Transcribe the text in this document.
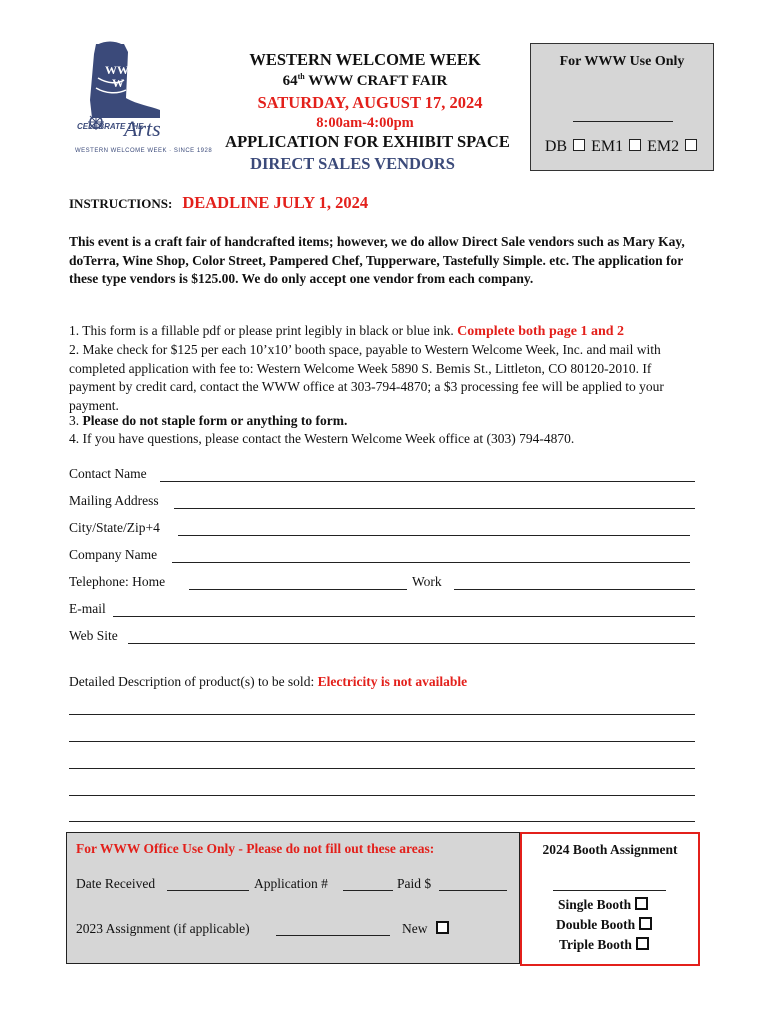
WW
W
CELEBRATE THE
Arts
WESTERN WELCOME WEEK · SINCE 1928
WESTERN WELCOME WEEK
64th WWW CRAFT FAIR
SATURDAY, AUGUST 17, 2024
8:00am-4:00pm
APPLICATION FOR EXHIBIT SPACE
DIRECT SALES VENDORS
For WWW Use Only
DB EM1 EM2
INSTRUCTIONS: DEADLINE JULY 1, 2024
This event is a craft fair of handcrafted items; however, we do allow Direct Sale vendors such as Mary Kay, doTerra, Wine Shop, Color Street, Pampered Chef, Tupperware, Tastefully Simple. etc. The application for these type vendors is $125.00. We do only accept one vendor from each company.
1. This form is a fillable pdf or please print legibly in black or blue ink. Complete both page 1 and 2
2. Make check for $125 per each 10’x10’ booth space, payable to Western Welcome Week, Inc. and mail with completed application with fee to: Western Welcome Week 5890 S. Bemis St., Littleton, CO 80120-2010. If payment by credit card, contact the WWW office at 303-794-4870; a $3 processing fee will be applied to your payment.
3. Please do not staple form or anything to form.
4. If you have questions, please contact the Western Welcome Week office at (303) 794-4870.
Contact Name
Mailing Address
City/State/Zip+4
Company Name
Telephone: Home	Work
E-mail
Web Site
Detailed Description of product(s) to be sold: Electricity is not available
For WWW Office Use Only - Please do not fill out these areas:
Date Received	Application #	Paid $
2023 Assignment (if applicable)	New
2024 Booth Assignment
Single Booth
Double Booth
Triple Booth
